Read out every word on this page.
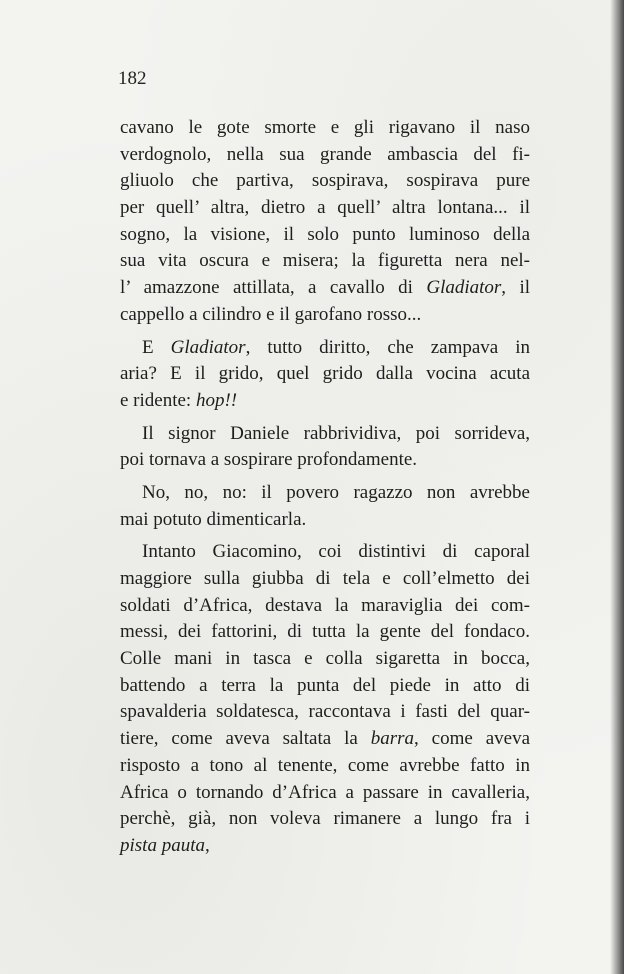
182
cavano le gote smorte e gli rigavano il naso
verdognolo, nella sua grande ambascia del fi-
gliuolo che partiva, sospirava, sospirava pure
per quell’ altra, dietro a quell’ altra lontana... il
sogno, la visione, il solo punto luminoso della
sua vita oscura e misera; la figuretta nera nel-
l’ amazzone attillata, a cavallo di Gladiator, il
cappello a cilindro e il garofano rosso...
E Gladiator, tutto diritto, che zampava in
aria? E il grido, quel grido dalla vocina acuta
e ridente: hop!!
Il signor Daniele rabbrividiva, poi sorrideva,
poi tornava a sospirare profondamente.
No, no, no: il povero ragazzo non avrebbe
mai potuto dimenticarla.
Intanto Giacomino, coi distintivi di caporal
maggiore sulla giubba di tela e coll’elmetto dei
soldati d’Africa, destava la maraviglia dei com-
messi, dei fattorini, di tutta la gente del fondaco.
Colle mani in tasca e colla sigaretta in bocca,
battendo a terra la punta del piede in atto di
spavalderia soldatesca, raccontava i fasti del quar-
tiere, come aveva saltata la barra, come aveva
risposto a tono al tenente, come avrebbe fatto in
Africa o tornando d’Africa a passare in cavalleria,
perchè, già, non voleva rimanere a lungo fra i
pista pauta,
